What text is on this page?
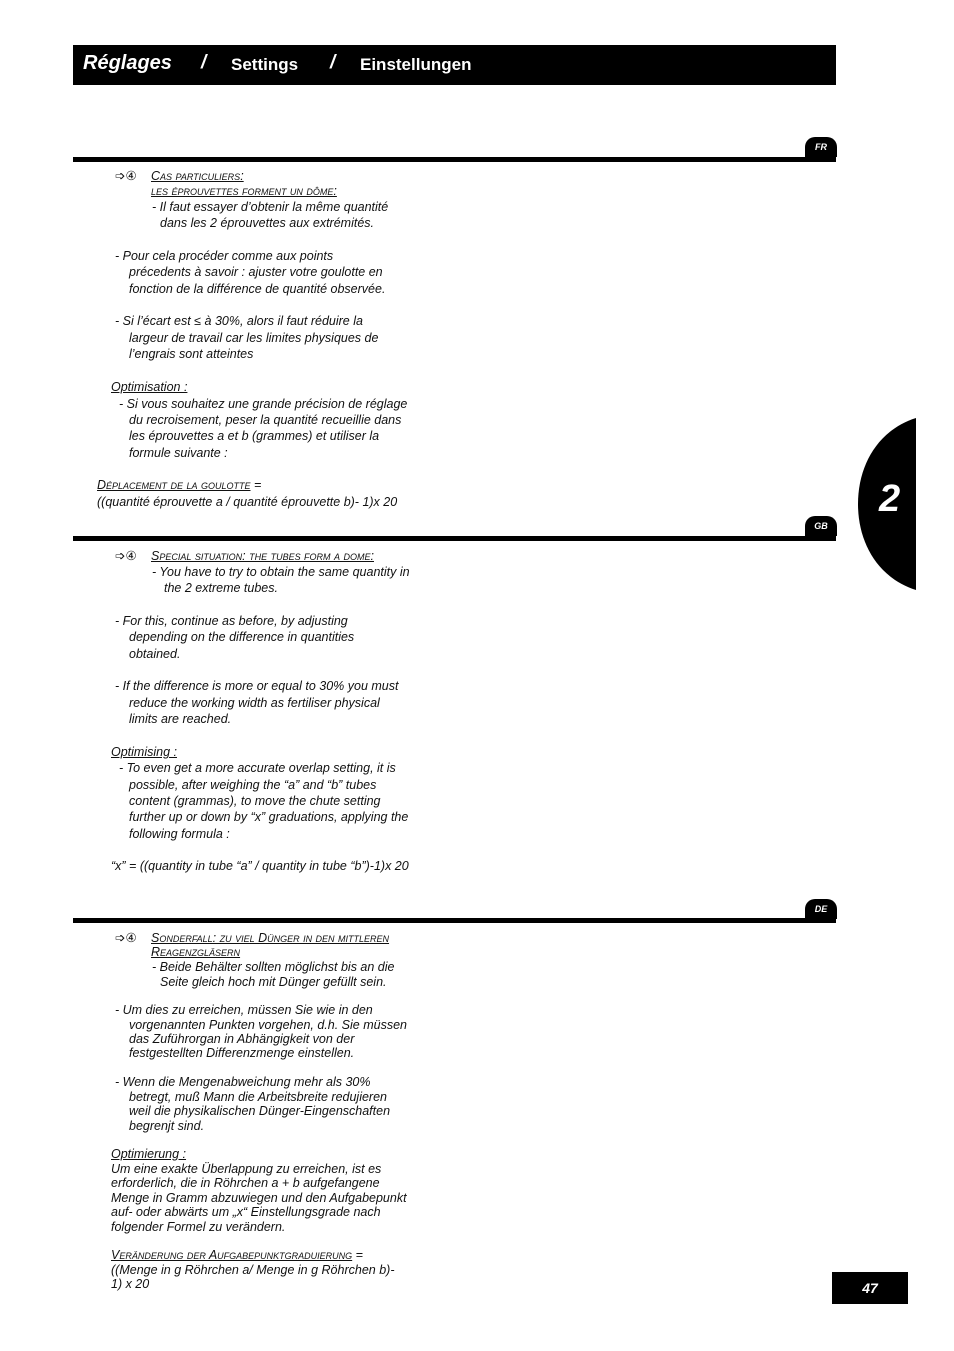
Réglages / Settings / Einstellungen
FR
➩④ Cas particuliers:
les éprouvettes forment un dôme:
- Il faut essayer d’obtenir la même quantité
dans les 2 éprouvettes aux extrémités.
- Pour cela procéder comme aux points
précedents à savoir : ajuster votre goulotte en
fonction de la différence de quantité observée.
- Si l’écart est ≤ à 30%, alors il faut réduire la
largeur de travail car les limites physiques de
l’engrais sont atteintes
Optimisation :
- Si vous souhaitez une grande précision de réglage
du recroisement, peser la quantité recueillie dans
les éprouvettes a et b (grammes) et utiliser la
formule suivante :
Déplacement de la goulotte =
((quantité éprouvette a / quantité éprouvette b)- 1)x 20
GB
➩④ Special situation: the tubes form a dome:
- You have to try to obtain the same quantity in
the 2 extreme tubes.
- For this, continue as before, by adjusting
depending on the difference in quantities
obtained.
- If the difference is more or equal to 30% you must
reduce the working width as fertiliser physical
limits are reached.
Optimising :
- To even get a more accurate overlap setting, it is
possible, after weighing the “a” and “b” tubes
content (grammas), to move the chute setting
further up or down by “x” graduations, applying the
following formula :
“x” = ((quantity in tube “a” / quantity in tube “b”)-1)x 20
DE
➩④ Sonderfall: zu viel Dünger in den mittleren
Reagenzgläsern
- Beide Behälter sollten möglichst bis an die
Seite gleich hoch mit Dünger gefüllt sein.
- Um dies zu erreichen, müssen Sie wie in den
vorgenannten Punkten vorgehen, d.h. Sie müssen
das Zuführorgan in Abhängigkeit von der
festgestellten Differenzmenge einstellen.
- Wenn die Mengenabweichung mehr als 30%
betregt, muß Mann die Arbeitsbreite redujieren
weil die physikalischen Dünger-Eingenschaften
begrenjt sind.
Optimierung :
Um eine exakte Überlappung zu erreichen, ist es
erforderlich, die in Röhrchen a + b aufgefangene
Menge in Gramm abzuwiegen und den Aufgabepunkt
auf- oder abwärts um „x“ Einstellungsgrade nach
folgender Formel zu verändern.
Veränderung der Aufgabepunktgraduierung =
((Menge in g Röhrchen a/ Menge in g Röhrchen b)-
1) x 20
2
47
